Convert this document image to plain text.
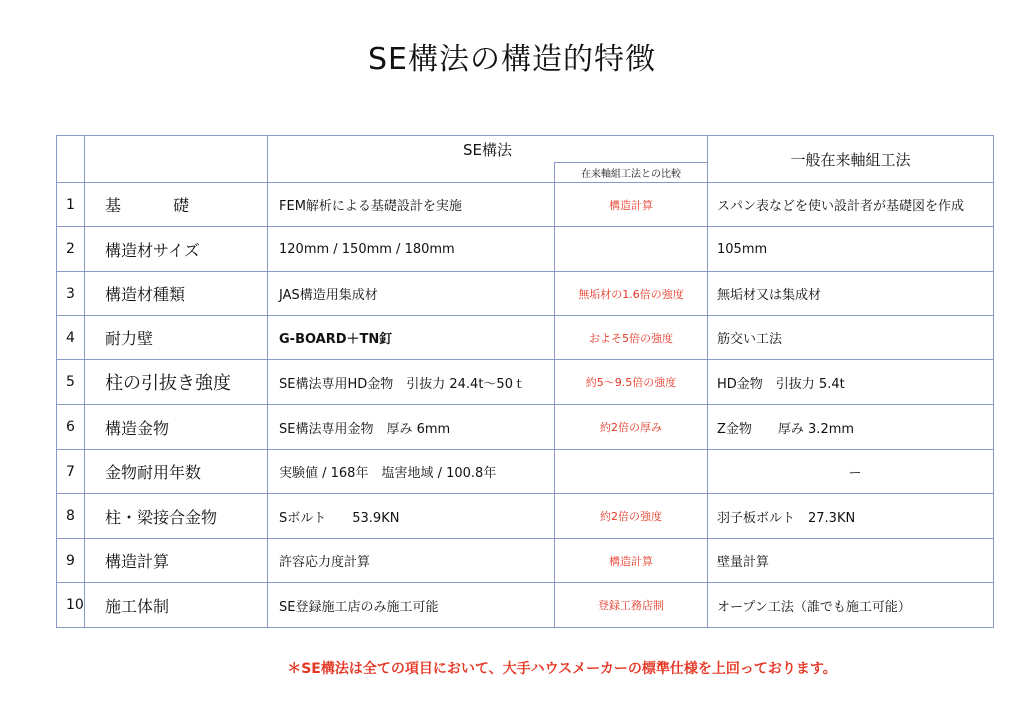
SE構法の構造的特徴
		SE構法		一般在来軸組工法
			在来軸組工法との比較	
1	基　礎	FEM解析による基礎設計を実施	構造計算	スパン表などを使い設計者が基礎図を作成
2	構造材サイズ	120mm / 150mm / 180mm		105mm
3	構造材種類	JAS構造用集成材	無垢材の1.6倍の強度	無垢材又は集成材
4	耐力壁	G-BOARD＋TN釘	およそ5倍の強度	筋交い工法
5	柱の引抜き強度	SE構法専用HD金物　引抜力 24.4t〜50ｔ	約5〜9.5倍の強度	HD金物　引抜力 5.4t
6	構造金物	SE構法専用金物　厚み 6mm	約2倍の厚み	Z金物　　厚み 3.2mm
7	金物耐用年数	実験値 / 168年　塩害地域 / 100.8年		ー
8	柱・梁接合金物	Sボルト　　53.9KN	約2倍の強度	羽子板ボルト　27.3KN
9	構造計算	許容応力度計算	構造計算	壁量計算
10	施工体制	SE登録施工店のみ施工可能	登録工務店制	オープン工法（誰でも施工可能）
＊SE構法は全ての項目において、大手ハウスメーカーの標準仕様を上回っております。
